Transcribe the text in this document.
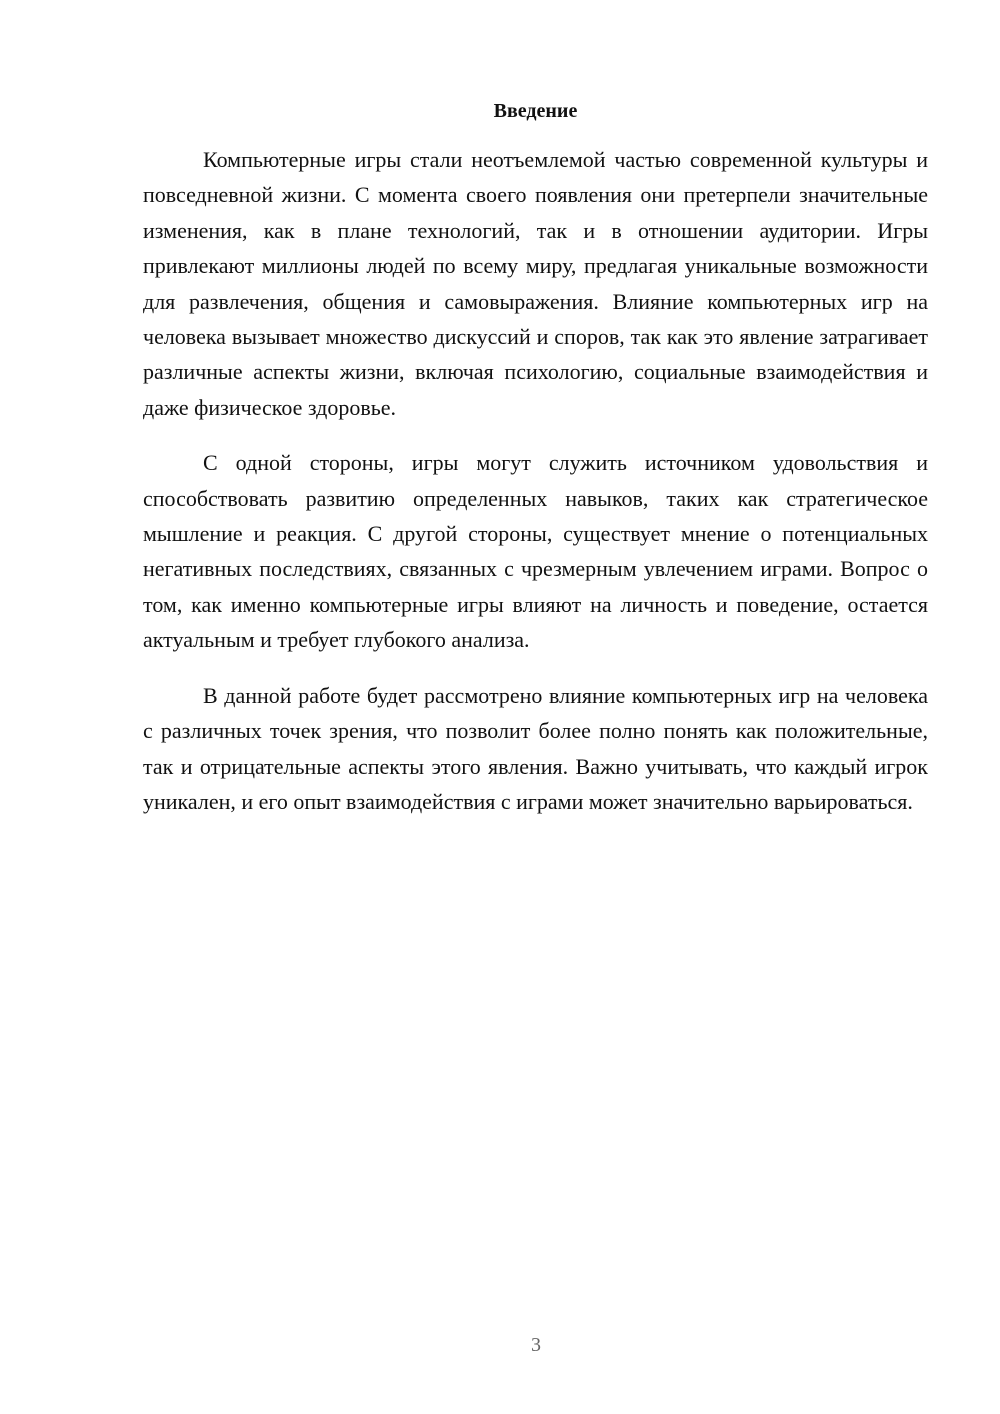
Введение

Компьютерные игры стали неотъемлемой частью современной культуры и повседневной жизни. С момента своего появления они претерпели значительные изменения, как в плане технологий, так и в отношении аудитории. Игры привлекают миллионы людей по всему миру, предлагая уникальные возможности для развлечения, общения и самовыражения. Влияние компьютерных игр на человека вызывает множество дискуссий и споров, так как это явление затрагивает различные аспекты жизни, включая психологию, социальные взаимодействия и даже физическое здоровье.

С одной стороны, игры могут служить источником удовольствия и способствовать развитию определенных навыков, таких как стратегическое мышление и реакция. С другой стороны, существует мнение о потенциальных негативных последствиях, связанных с чрезмерным увлечением играми. Вопрос о том, как именно компьютерные игры влияют на личность и поведение, остается актуальным и требует глубокого анализа.

В данной работе будет рассмотрено влияние компьютерных игр на человека с различных точек зрения, что позволит более полно понять как положительные, так и отрицательные аспекты этого явления. Важно учитывать, что каждый игрок уникален, и его опыт взаимодействия с играми может значительно варьироваться.

3
